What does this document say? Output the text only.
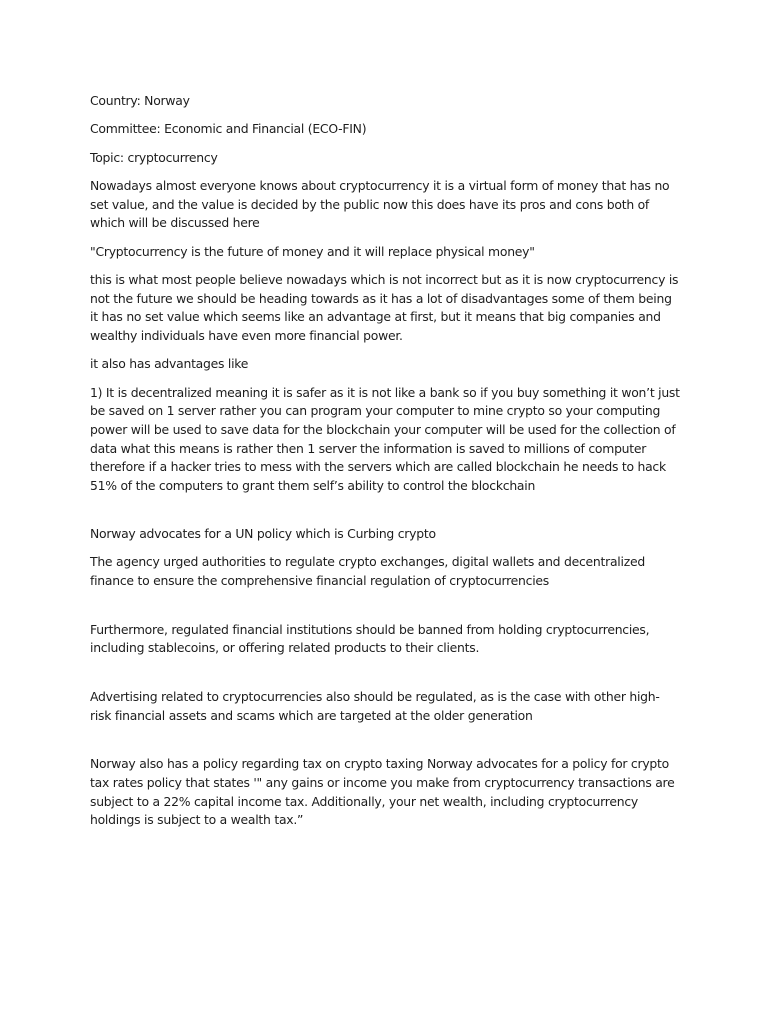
Country: Norway

Committee: Economic and Financial (ECO-FIN)

Topic: cryptocurrency

Nowadays almost everyone knows about cryptocurrency it is a virtual form of money that has no set value, and the value is decided by the public now this does have its pros and cons both of which will be discussed here

"Cryptocurrency is the future of money and it will replace physical money"

this is what most people believe nowadays which is not incorrect but as it is now cryptocurrency is not the future we should be heading towards as it has a lot of disadvantages some of them being it has no set value which seems like an advantage at first, but it means that big companies and wealthy individuals have even more financial power.

it also has advantages like

1) It is decentralized meaning it is safer as it is not like a bank so if you buy something it won’t just be saved on 1 server rather you can program your computer to mine crypto so your computing power will be used to save data for the blockchain your computer will be used for the collection of data what this means is rather then 1 server the information is saved to millions of computer therefore if a hacker tries to mess with the servers which are called blockchain he needs to hack 51% of the computers to grant them self’s ability to control the blockchain

Norway advocates for a UN policy which is Curbing crypto

The agency urged authorities to regulate crypto exchanges, digital wallets and decentralized finance to ensure the comprehensive financial regulation of cryptocurrencies

Furthermore, regulated financial institutions should be banned from holding cryptocurrencies, including stablecoins, or offering related products to their clients.

Advertising related to cryptocurrencies also should be regulated, as is the case with other high-risk financial assets and scams which are targeted at the older generation

Norway also has a policy regarding tax on crypto taxing Norway advocates for a policy for crypto tax rates policy that states '" any gains or income you make from cryptocurrency transactions are subject to a 22% capital income tax. Additionally, your net wealth, including cryptocurrency holdings is subject to a wealth tax.”
